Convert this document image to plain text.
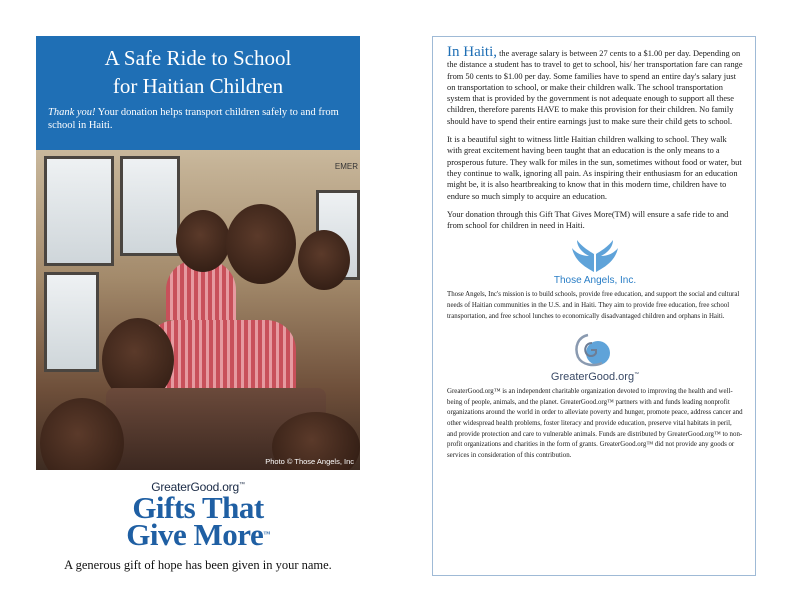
A Safe Ride to School
for Haitian Children
Thank you! Your donation helps transport children safely to and from school in Haiti.
EMER
Photo © Those Angels, Inc
GreaterGood.org™
Gifts That
Give More™
A generous gift of hope has been given in your name.

In Haiti, the average salary is between 27 cents to a $1.00 per day. Depending on the distance a student has to travel to get to school, his/ her transportation fare can range from 50 cents to $1.00 per day. Some families have to spend an entire day's salary just on transportation to school, or make their children walk. The school transportation system that is provided by the government is not adequate enough to support all these children, therefore parents HAVE to make this provision for their children. No family should have to spend their entire earnings just to make sure their child gets to school.

It is a beautiful sight to witness little Haitian children walking to school. They walk with great excitement having been taught that an education is the only means to a prosperous future. They walk for miles in the sun, sometimes without food or water, but they continue to walk, ignoring all pain. As inspiring their enthusiasm for an education might be, it is also heartbreaking to know that in this modern time, children have to endure so much simply to acquire an education.

Your donation through this Gift That Gives More(TM) will ensure a safe ride to and from school for children in need in Haiti.

Those Angels, Inc.

Those Angels, Inc's mission is to build schools, provide free education, and support the social and cultural needs of Haitian communities in the U.S. and in Haiti. They aim to provide free education, free school transportation, and free school lunches to economically disadvantaged children and orphans in Haiti.

GreaterGood.org™

GreaterGood.org™ is an independent charitable organization devoted to improving the health and well-being of people, animals, and the planet. GreaterGood.org™ partners with and funds leading nonprofit organizations around the world in order to alleviate poverty and hunger, promote peace, address cancer and other widespread health problems, foster literacy and provide education, preserve vital habitats in peril, and provide protection and care to vulnerable animals. Funds are distributed by GreaterGood.org™ to non-profit organizations and charities in the form of grants. GreaterGood.org™ did not provide any goods or services in consideration of this contribution.
